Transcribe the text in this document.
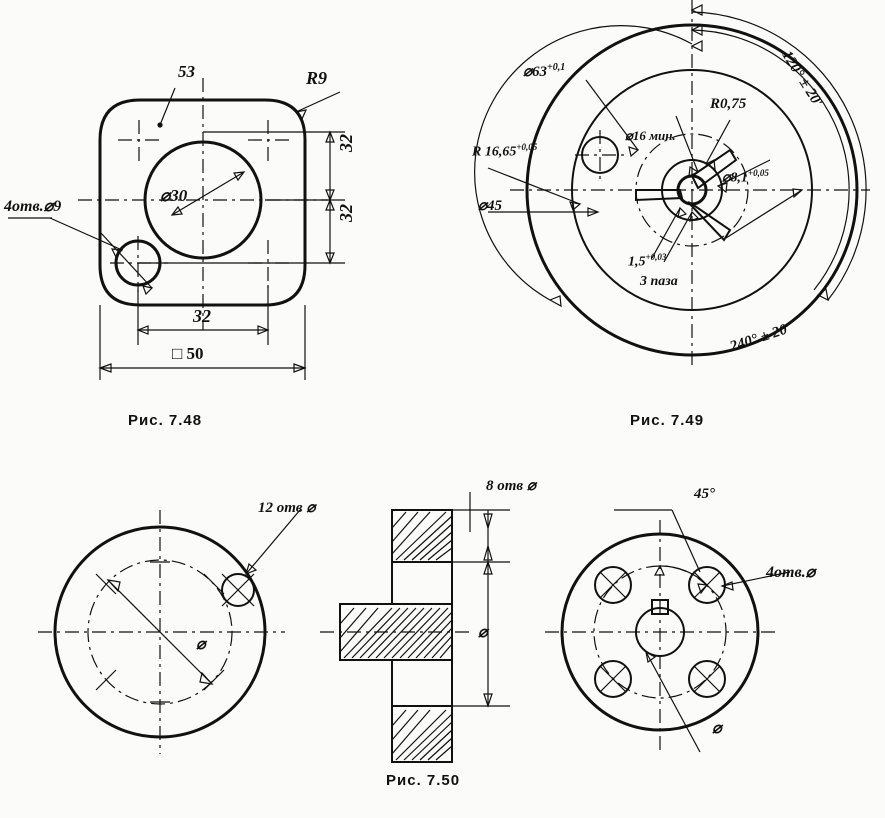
53	R9
4отв.⌀9
⌀30
32
32
32
□ 50
Рис. 7.48
$⌀63^{+0,1}$
⌀16 мин.
R0,75
R $16,65^{+0,05}$
$⌀8,1^{+0,05}$
⌀45
$1,5^{+0,03}$
3 паза
120° ± 20′
240° ± 20′
Рис. 7.49
12 отв ⌀
⌀
8 отв ⌀
⌀
45°
4отв.⌀
⌀
Рис. 7.50
